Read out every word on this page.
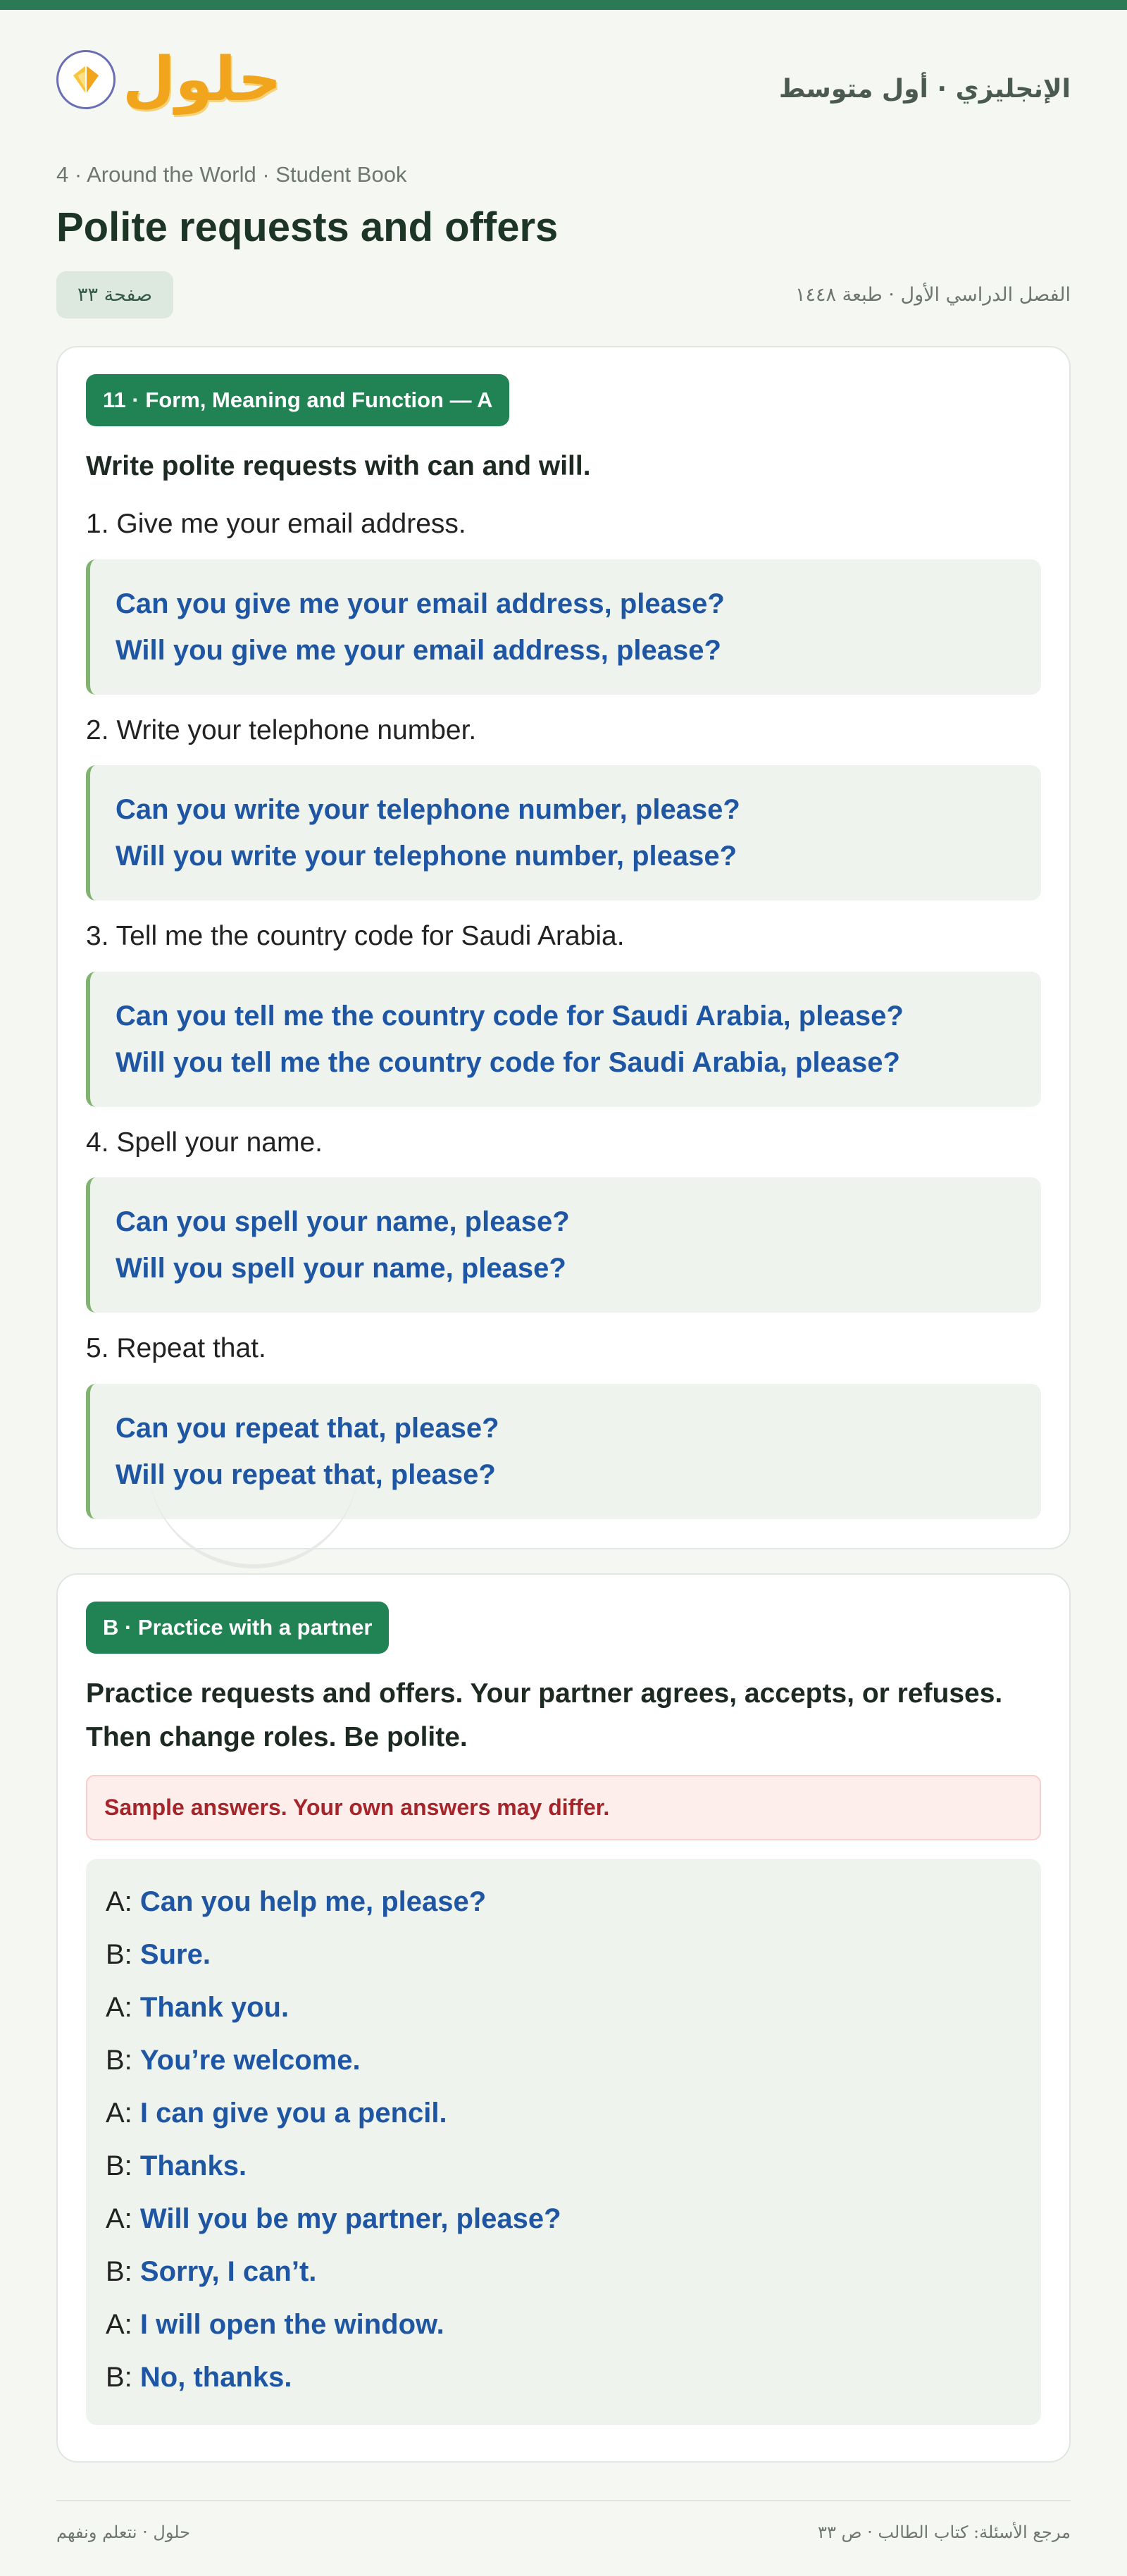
حلول	الإنجليزي · أول متوسط
4 · Around the World · Student Book
Polite requests and offers
صفحة ٣٣	الفصل الدراسي الأول · طبعة ١٤٤٨
11 · Form, Meaning and Function — A
Write polite requests with can and will.
1. Give me your email address.
Can you give me your email address, please?
Will you give me your email address, please?
2. Write your telephone number.
Can you write your telephone number, please?
Will you write your telephone number, please?
3. Tell me the country code for Saudi Arabia.
Can you tell me the country code for Saudi Arabia, please?
Will you tell me the country code for Saudi Arabia, please?
4. Spell your name.
Can you spell your name, please?
Will you spell your name, please?
5. Repeat that.
Can you repeat that, please?
Will you repeat that, please?
B · Practice with a partner
Practice requests and offers. Your partner agrees, accepts, or refuses. Then change roles. Be polite.
Sample answers. Your own answers may differ.
A: Can you help me, please?
B: Sure.
A: Thank you.
B: You’re welcome.
A: I can give you a pencil.
B: Thanks.
A: Will you be my partner, please?
B: Sorry, I can’t.
A: I will open the window.
B: No, thanks.
حلول · نتعلم ونفهم	مرجع الأسئلة: كتاب الطالب · ص ٣٣
